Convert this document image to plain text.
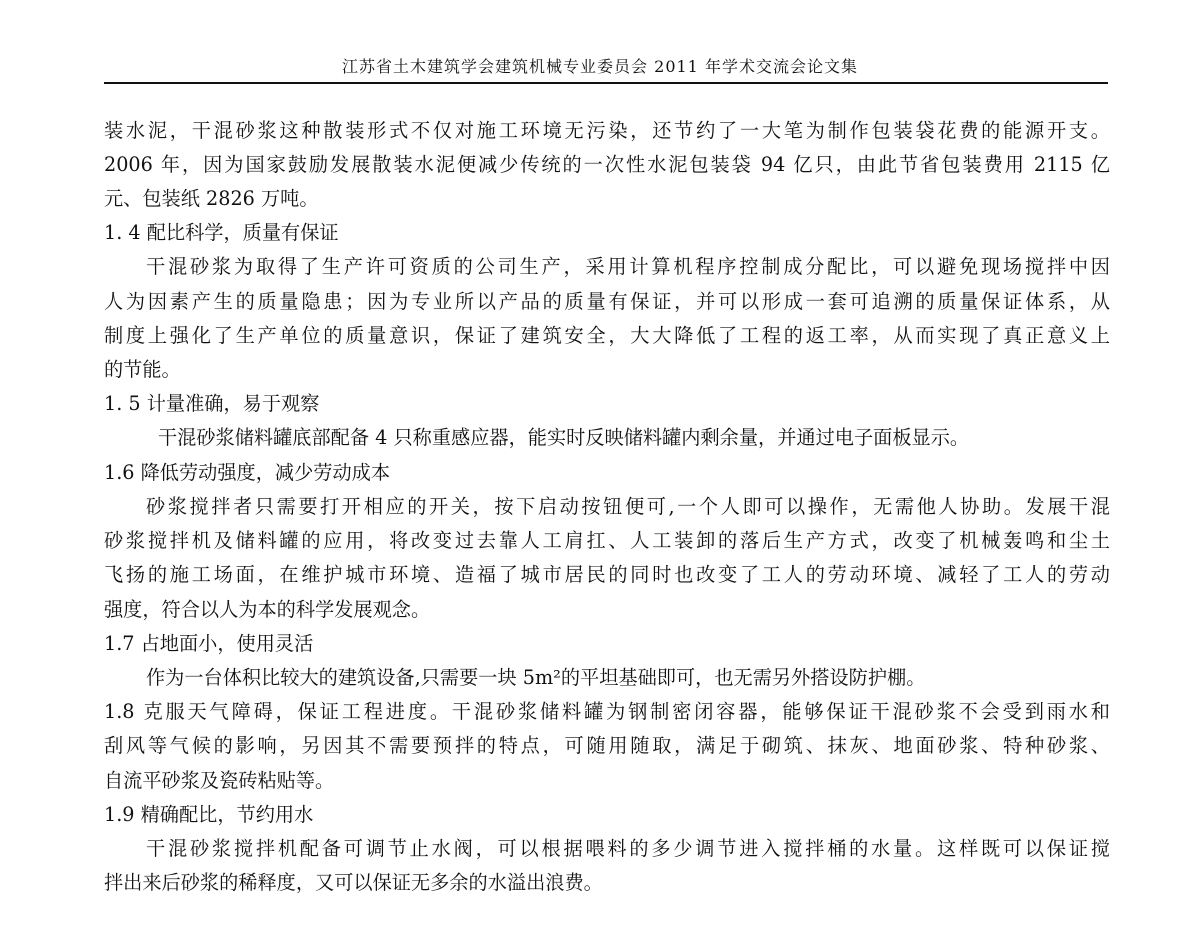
江苏省土木建筑学会建筑机械专业委员会 2011 年学术交流会论文集
装水泥，干混砂浆这种散装形式不仅对施工环境无污染，还节约了一大笔为制作包装袋花费的能源开支。
2006 年，因为国家鼓励发展散装水泥便减少传统的一次性水泥包装袋 94 亿只，由此节省包装费用 2115 亿
元、包装纸 2826 万吨。
1. 4 配比科学，质量有保证
干混砂浆为取得了生产许可资质的公司生产，采用计算机程序控制成分配比，可以避免现场搅拌中因
人为因素产生的质量隐患；因为专业所以产品的质量有保证，并可以形成一套可追溯的质量保证体系，从
制度上强化了生产单位的质量意识，保证了建筑安全，大大降低了工程的返工率，从而实现了真正意义上
的节能。
1. 5 计量准确，易于观察
干混砂浆储料罐底部配备 4 只称重感应器，能实时反映储料罐内剩余量，并通过电子面板显示。
1.6 降低劳动强度，减少劳动成本
砂浆搅拌者只需要打开相应的开关，按下启动按钮便可,一个人即可以操作，无需他人协助。发展干混
砂浆搅拌机及储料罐的应用，将改变过去靠人工肩扛、人工装卸的落后生产方式，改变了机械轰鸣和尘土
飞扬的施工场面，在维护城市环境、造福了城市居民的同时也改变了工人的劳动环境、减轻了工人的劳动
强度，符合以人为本的科学发展观念。
1.7 占地面小，使用灵活
作为一台体积比较大的建筑设备,只需要一块 5m²的平坦基础即可，也无需另外搭设防护棚。
1.8 克服天气障碍，保证工程进度。干混砂浆储料罐为钢制密闭容器，能够保证干混砂浆不会受到雨水和
刮风等气候的影响，另因其不需要预拌的特点，可随用随取，满足于砌筑、抹灰、地面砂浆、特种砂浆、
自流平砂浆及瓷砖粘贴等。
1.9 精确配比，节约用水
干混砂浆搅拌机配备可调节止水阀，可以根据喂料的多少调节进入搅拌桶的水量。这样既可以保证搅
拌出来后砂浆的稀释度，又可以保证无多余的水溢出浪费。
